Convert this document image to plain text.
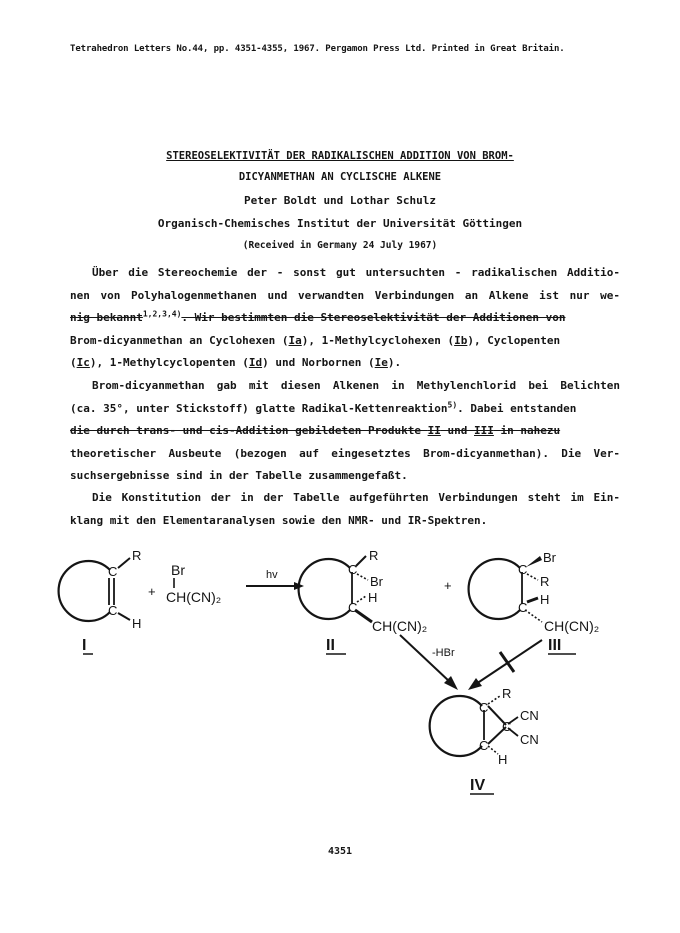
Tetrahedron Letters No.44, pp. 4351-4355, 1967. Pergamon Press Ltd. Printed in Great Britain.
STEREOSELEKTIVITÄT DER RADIKALISCHEN ADDITION VON BROM-
DICYANMETHAN AN CYCLISCHE ALKENE
Peter Boldt und Lothar Schulz
Organisch-Chemisches Institut der Universität Göttingen
(Received in Germany 24 July 1967)
Über die Stereochemie der - sonst gut untersuchten - radikalischen Additio-
nen von Polyhalogenmethanen und verwandten Verbindungen an Alkene ist nur we-
nig bekannt$^{1,2,3,4)}$. Wir bestimmten die Stereoselektivität der Additionen von
Brom-dicyanmethan an Cyclohexen (Ia), 1-Methylcyclohexen (Ib), Cyclopenten
(Ic), 1-Methylcyclopenten (Id) und Norbornen (Ie).
Brom-dicyanmethan gab mit diesen Alkenen in Methylenchlorid bei Belichten
(ca. 35°, unter Stickstoff) glatte Radikal-Kettenreaktion$^{5)}$. Dabei entstanden
die durch trans- und cis-Addition gebildeten Produkte II und III in nahezu
theoretischer Ausbeute (bezogen auf eingesetztes Brom-dicyanmethan). Die Ver-
suchsergebnisse sind in der Tabelle zusammengefaßt.
Die Konstitution der in der Tabelle aufgeführten Verbindungen steht im Ein-
klang mit den Elementaranalysen sowie den NMR- und IR-Spektren.
C
C
R
H
I
+
Br
CH(CN)₂
hv	C
C
R
Br
H
CH(CN)₂
II
+
C
C
Br
R
H
CH(CN)₂
III
-HBr
C
C
C
R
H
CN
CN
IV
4351
